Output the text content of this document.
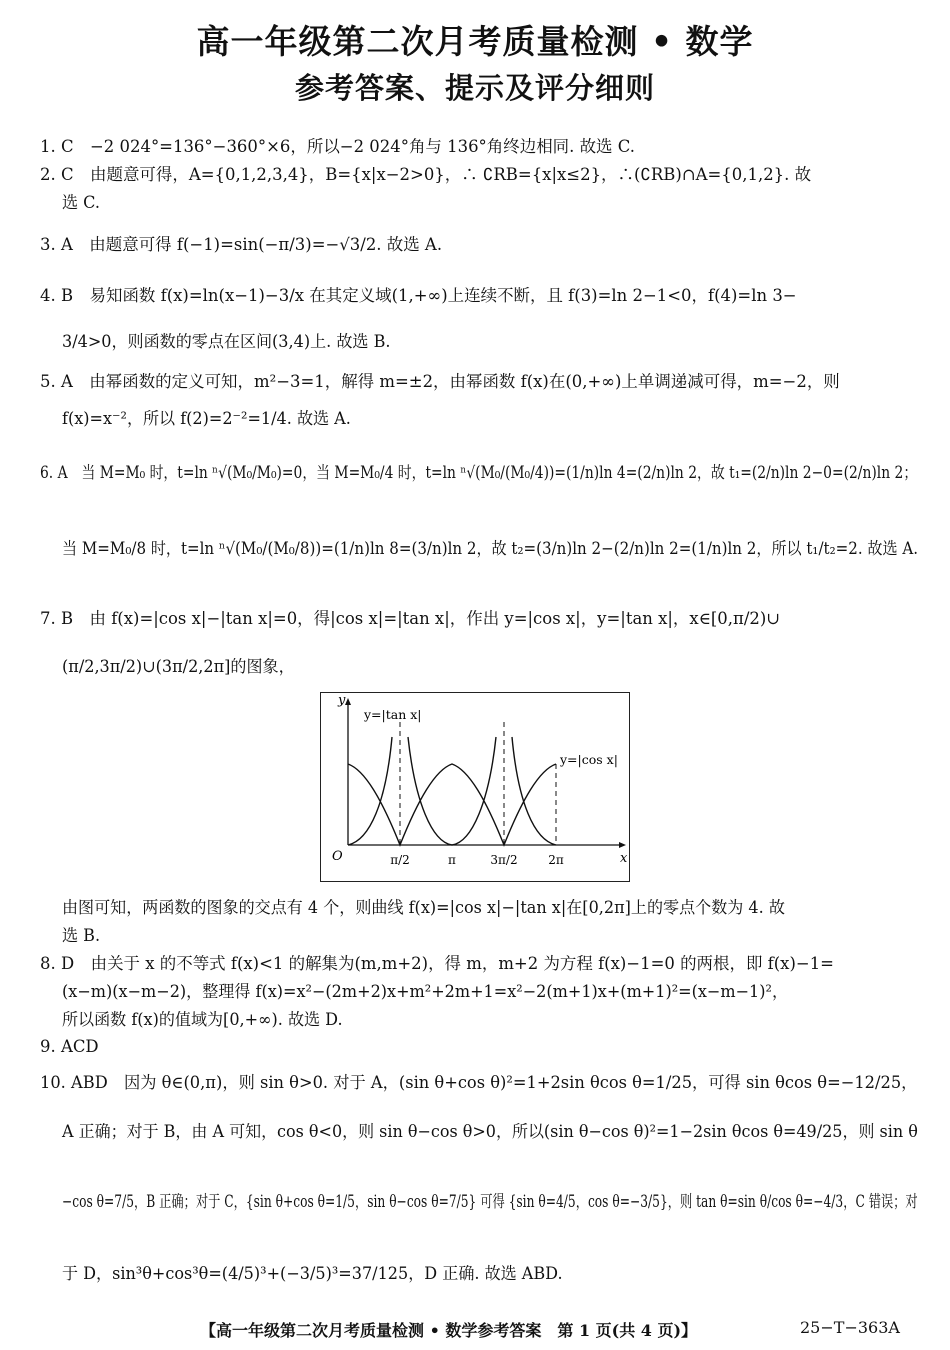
高一年级第二次月考质量检测 • 数学
参考答案、提示及评分细则
1. C　−2 024°=136°−360°×6，所以−2 024°角与 136°角终边相同. 故选 C.
2. C　由题意可得，A={0,1,2,3,4}，B={x|x−2>0}，∴ ∁RB={x|x≤2}，∴(∁RB)∩A={0,1,2}. 故
选 C.
3. A　由题意可得 f(−1)=sin(−π/3)=−√3/2. 故选 A.
4. B　易知函数 f(x)=ln(x−1)−3/x 在其定义域(1,+∞)上连续不断，且 f(3)=ln 2−1<0，f(4)=ln 3−
3/4>0，则函数的零点在区间(3,4)上. 故选 B.
5. A　由幂函数的定义可知，m²−3=1，解得 m=±2，由幂函数 f(x)在(0,+∞)上单调递减可得，m=−2，则
f(x)=x⁻²，所以 f(2)=2⁻²=1/4. 故选 A.
6. A　当 M=M₀ 时，t=ln ⁿ√(M₀/M₀)=0，当 M=M₀/4 时，t=ln ⁿ√(M₀/(M₀/4))=(1/n)ln 4=(2/n)ln 2，故 t₁=(2/n)ln 2−0=(2/n)ln 2；
当 M=M₀/8 时，t=ln ⁿ√(M₀/(M₀/8))=(1/n)ln 8=(3/n)ln 2，故 t₂=(3/n)ln 2−(2/n)ln 2=(1/n)ln 2，所以 t₁/t₂=2. 故选 A.
7. B　由 f(x)=|cos x|−|tan x|=0，得|cos x|=|tan x|，作出 y=|cos x|，y=|tan x|，x∈[0,π/2)∪
(π/2,3π/2)∪(3π/2,2π]的图象，
y
x
O
y=|tan x|
y=|cos x|
π/2	π	3π/2	2π
由图可知，两函数的图象的交点有 4 个，则曲线 f(x)=|cos x|−|tan x|在[0,2π]上的零点个数为 4. 故
选 B.
8. D　由关于 x 的不等式 f(x)<1 的解集为(m,m+2)，得 m，m+2 为方程 f(x)−1=0 的两根，即 f(x)−1=
(x−m)(x−m−2)，整理得 f(x)=x²−(2m+2)x+m²+2m+1=x²−2(m+1)x+(m+1)²=(x−m−1)²，
所以函数 f(x)的值域为[0,+∞). 故选 D.
9. ACD
10. ABD　因为 θ∈(0,π)，则 sin θ>0. 对于 A，(sin θ+cos θ)²=1+2sin θcos θ=1/25，可得 sin θcos θ=−12/25，
A 正确；对于 B，由 A 可知，cos θ<0，则 sin θ−cos θ>0，所以(sin θ−cos θ)²=1−2sin θcos θ=49/25，则 sin θ
−cos θ=7/5，B 正确；对于 C，{sin θ+cos θ=1/5，sin θ−cos θ=7/5} 可得 {sin θ=4/5，cos θ=−3/5}，则 tan θ=sin θ/cos θ=−4/3，C 错误；对
于 D，sin³θ+cos³θ=(4/5)³+(−3/5)³=37/125，D 正确. 故选 ABD.
【高一年级第二次月考质量检测 • 数学参考答案　第 1 页(共 4 页)】	25−T−363A
